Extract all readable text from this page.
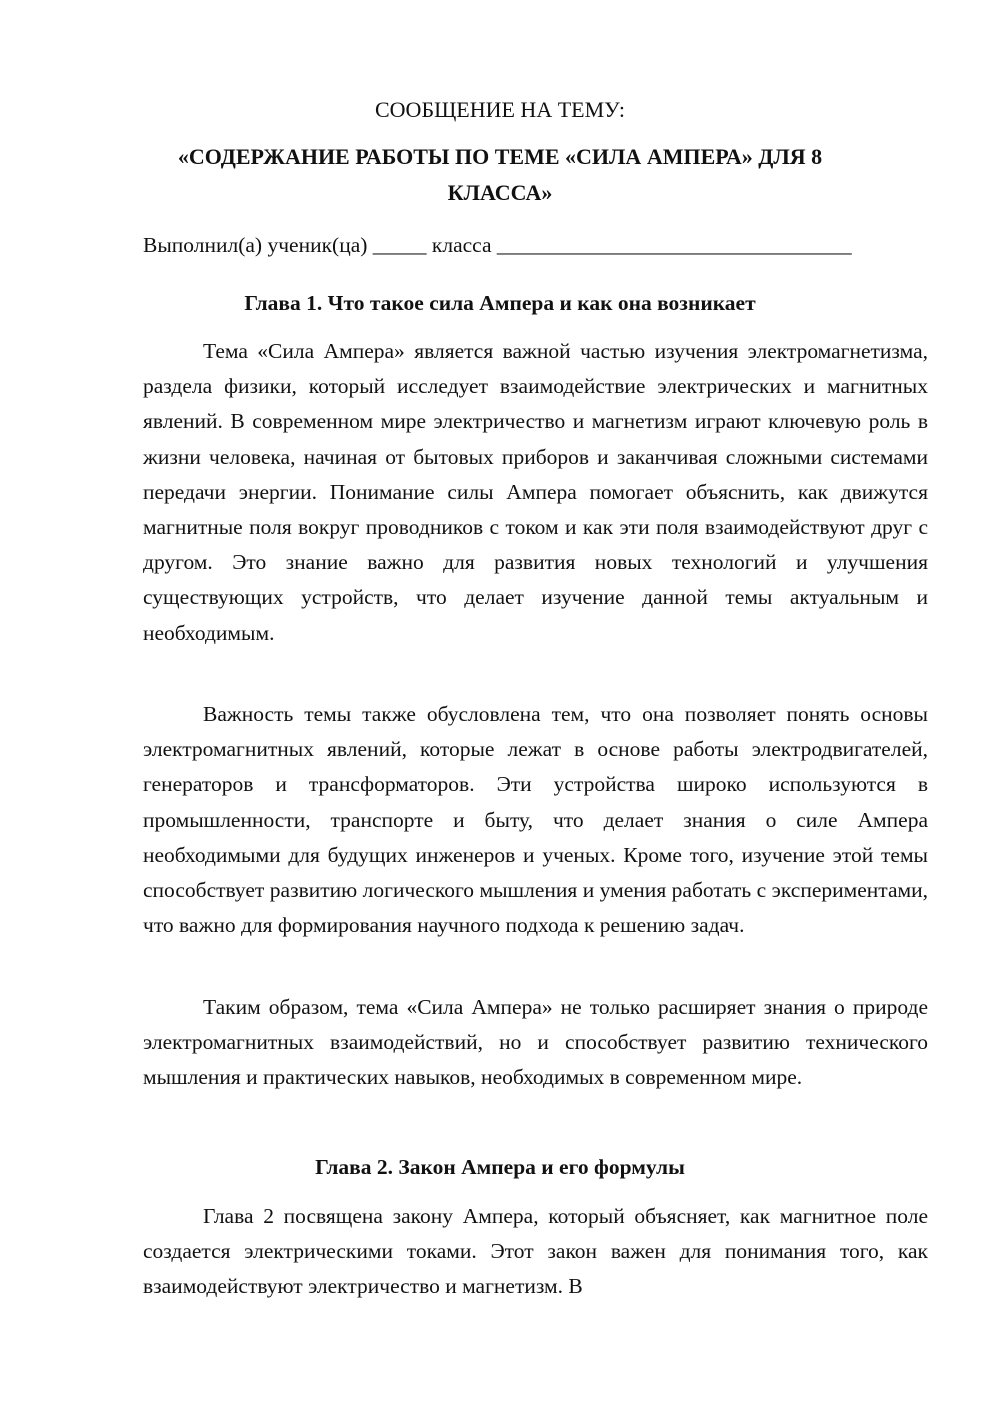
СООБЩЕНИЕ НА ТЕМУ:
«СОДЕРЖАНИЕ РАБОТЫ ПО ТЕМЕ «СИЛА АМПЕРА» ДЛЯ 8
КЛАССА»
Выполнил(а) ученик(ца) _____ класса _________________________________
Глава 1. Что такое сила Ампера и как она возникает

Тема «Сила Ампера» является важной частью изучения электромагнетизма, раздела физики, который исследует взаимодействие электрических и магнитных явлений. В современном мире электричество и магнетизм играют ключевую роль в жизни человека, начиная от бытовых приборов и заканчивая сложными системами передачи энергии. Понимание силы Ампера помогает объяснить, как движутся магнитные поля вокруг проводников с током и как эти поля взаимодействуют друг с другом. Это знание важно для развития новых технологий и улучшения существующих устройств, что делает изучение данной темы актуальным и необходимым.

Важность темы также обусловлена тем, что она позволяет понять основы электромагнитных явлений, которые лежат в основе работы электродвигателей, генераторов и трансформаторов. Эти устройства широко используются в промышленности, транспорте и быту, что делает знания о силе Ампера необходимыми для будущих инженеров и ученых. Кроме того, изучение этой темы способствует развитию логического мышления и умения работать с экспериментами, что важно для формирования научного подхода к решению задач.

Таким образом, тема «Сила Ампера» не только расширяет знания о природе электромагнитных взаимодействий, но и способствует развитию технического мышления и практических навыков, необходимых в современном мире.

Глава 2. Закон Ампера и его формулы

Глава 2 посвящена закону Ампера, который объясняет, как магнитное поле создается электрическими токами. Этот закон важен для понимания того, как взаимодействуют электричество и магнетизм. В
